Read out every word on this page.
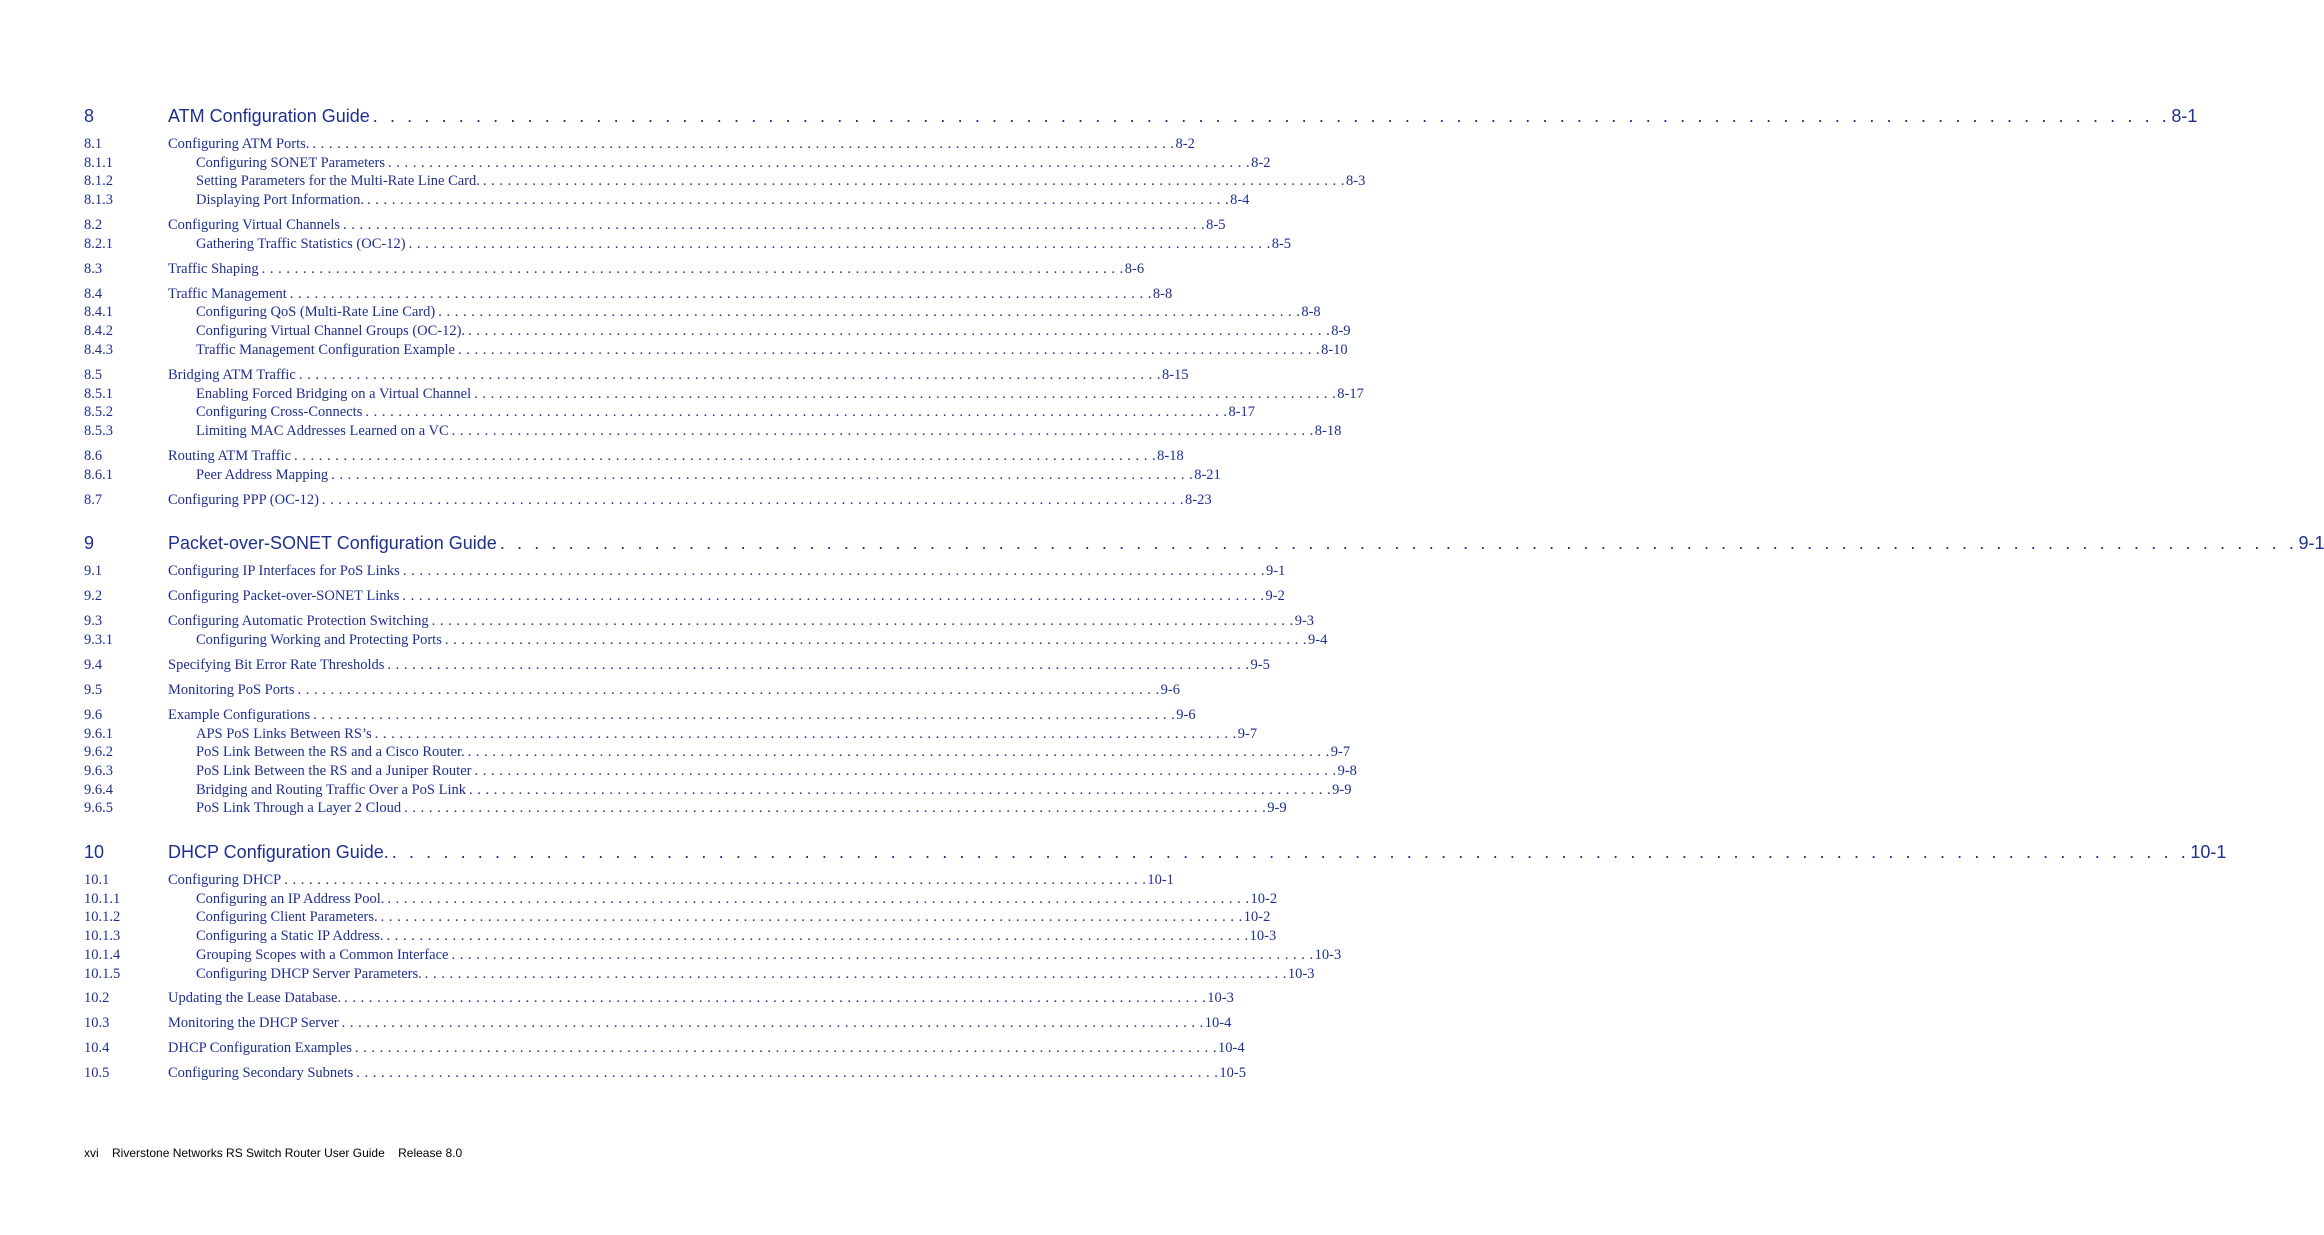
8	ATM Configuration Guide . . . . . . . . . . . . . . . . . . . . . . . . . . . . . . . . . . . . . . . . . . . . . . . . . . . . . . . . . . . . . . . . . . . . . . . . . . . . . . . . . . . . . . . . . . . . . . . . . . . . . . . . . 8-1
8.1	Configuring ATM Ports. . . . . . . . . . . . . . . . . . . . . . . . . . . . . . . . . . . . . . . . . . . . . . . . . . . . . . . . . . . . . . . . . . . . . . . . . . . . . . . . . . . . . . . . . . . . . . . . . . . . . . . . . . 8-2
8.1.1	Configuring SONET Parameters . . . . . . . . . . . . . . . . . . . . . . . . . . . . . . . . . . . . . . . . . . . . . . . . . . . . . . . . . . . . . . . . . . . . . . . . . . . . . . . . . . . . . . . . . . . . . . . . . . . . . . . . . 8-2
8.1.2	Setting Parameters for the Multi-Rate Line Card. . . . . . . . . . . . . . . . . . . . . . . . . . . . . . . . . . . . . . . . . . . . . . . . . . . . . . . . . . . . . . . . . . . . . . . . . . . . . . . . . . . . . . . . . . . . . . . . . . . . . . . . . . 8-3
8.1.3	Displaying Port Information. . . . . . . . . . . . . . . . . . . . . . . . . . . . . . . . . . . . . . . . . . . . . . . . . . . . . . . . . . . . . . . . . . . . . . . . . . . . . . . . . . . . . . . . . . . . . . . . . . . . . . . . . . 8-4
8.2	Configuring Virtual Channels . . . . . . . . . . . . . . . . . . . . . . . . . . . . . . . . . . . . . . . . . . . . . . . . . . . . . . . . . . . . . . . . . . . . . . . . . . . . . . . . . . . . . . . . . . . . . . . . . . . . . . . . . 8-5
8.2.1	Gathering Traffic Statistics (OC-12) . . . . . . . . . . . . . . . . . . . . . . . . . . . . . . . . . . . . . . . . . . . . . . . . . . . . . . . . . . . . . . . . . . . . . . . . . . . . . . . . . . . . . . . . . . . . . . . . . . . . . . . . . 8-5
8.3	Traffic Shaping . . . . . . . . . . . . . . . . . . . . . . . . . . . . . . . . . . . . . . . . . . . . . . . . . . . . . . . . . . . . . . . . . . . . . . . . . . . . . . . . . . . . . . . . . . . . . . . . . . . . . . . . . 8-6
8.4	Traffic Management . . . . . . . . . . . . . . . . . . . . . . . . . . . . . . . . . . . . . . . . . . . . . . . . . . . . . . . . . . . . . . . . . . . . . . . . . . . . . . . . . . . . . . . . . . . . . . . . . . . . . . . . . 8-8
8.4.1	Configuring QoS (Multi-Rate Line Card) . . . . . . . . . . . . . . . . . . . . . . . . . . . . . . . . . . . . . . . . . . . . . . . . . . . . . . . . . . . . . . . . . . . . . . . . . . . . . . . . . . . . . . . . . . . . . . . . . . . . . . . . . 8-8
8.4.2	Configuring Virtual Channel Groups (OC-12). . . . . . . . . . . . . . . . . . . . . . . . . . . . . . . . . . . . . . . . . . . . . . . . . . . . . . . . . . . . . . . . . . . . . . . . . . . . . . . . . . . . . . . . . . . . . . . . . . . . . . . . . . 8-9
8.4.3	Traffic Management Configuration Example . . . . . . . . . . . . . . . . . . . . . . . . . . . . . . . . . . . . . . . . . . . . . . . . . . . . . . . . . . . . . . . . . . . . . . . . . . . . . . . . . . . . . . . . . . . . . . . . . . . . . . . . . 8-10
8.5	Bridging ATM Traffic . . . . . . . . . . . . . . . . . . . . . . . . . . . . . . . . . . . . . . . . . . . . . . . . . . . . . . . . . . . . . . . . . . . . . . . . . . . . . . . . . . . . . . . . . . . . . . . . . . . . . . . . . 8-15
8.5.1	Enabling Forced Bridging on a Virtual Channel . . . . . . . . . . . . . . . . . . . . . . . . . . . . . . . . . . . . . . . . . . . . . . . . . . . . . . . . . . . . . . . . . . . . . . . . . . . . . . . . . . . . . . . . . . . . . . . . . . . . . . . . . 8-17
8.5.2	Configuring Cross-Connects . . . . . . . . . . . . . . . . . . . . . . . . . . . . . . . . . . . . . . . . . . . . . . . . . . . . . . . . . . . . . . . . . . . . . . . . . . . . . . . . . . . . . . . . . . . . . . . . . . . . . . . . . 8-17
8.5.3	Limiting MAC Addresses Learned on a VC . . . . . . . . . . . . . . . . . . . . . . . . . . . . . . . . . . . . . . . . . . . . . . . . . . . . . . . . . . . . . . . . . . . . . . . . . . . . . . . . . . . . . . . . . . . . . . . . . . . . . . . . . 8-18
8.6	Routing ATM Traffic . . . . . . . . . . . . . . . . . . . . . . . . . . . . . . . . . . . . . . . . . . . . . . . . . . . . . . . . . . . . . . . . . . . . . . . . . . . . . . . . . . . . . . . . . . . . . . . . . . . . . . . . . 8-18
8.6.1	Peer Address Mapping . . . . . . . . . . . . . . . . . . . . . . . . . . . . . . . . . . . . . . . . . . . . . . . . . . . . . . . . . . . . . . . . . . . . . . . . . . . . . . . . . . . . . . . . . . . . . . . . . . . . . . . . . 8-21
8.7	Configuring PPP (OC-12) . . . . . . . . . . . . . . . . . . . . . . . . . . . . . . . . . . . . . . . . . . . . . . . . . . . . . . . . . . . . . . . . . . . . . . . . . . . . . . . . . . . . . . . . . . . . . . . . . . . . . . . . . 8-23
9	Packet-over-SONET Configuration Guide . . . . . . . . . . . . . . . . . . . . . . . . . . . . . . . . . . . . . . . . . . . . . . . . . . . . . . . . . . . . . . . . . . . . . . . . . . . . . . . . . . . . . . . . . . . . . . . . . . . . . . . . . 9-1
9.1	Configuring IP Interfaces for PoS Links . . . . . . . . . . . . . . . . . . . . . . . . . . . . . . . . . . . . . . . . . . . . . . . . . . . . . . . . . . . . . . . . . . . . . . . . . . . . . . . . . . . . . . . . . . . . . . . . . . . . . . . . . 9-1
9.2	Configuring Packet-over-SONET Links . . . . . . . . . . . . . . . . . . . . . . . . . . . . . . . . . . . . . . . . . . . . . . . . . . . . . . . . . . . . . . . . . . . . . . . . . . . . . . . . . . . . . . . . . . . . . . . . . . . . . . . . . 9-2
9.3	Configuring Automatic Protection Switching . . . . . . . . . . . . . . . . . . . . . . . . . . . . . . . . . . . . . . . . . . . . . . . . . . . . . . . . . . . . . . . . . . . . . . . . . . . . . . . . . . . . . . . . . . . . . . . . . . . . . . . . . 9-3
9.3.1	Configuring Working and Protecting Ports . . . . . . . . . . . . . . . . . . . . . . . . . . . . . . . . . . . . . . . . . . . . . . . . . . . . . . . . . . . . . . . . . . . . . . . . . . . . . . . . . . . . . . . . . . . . . . . . . . . . . . . . . 9-4
9.4	Specifying Bit Error Rate Thresholds . . . . . . . . . . . . . . . . . . . . . . . . . . . . . . . . . . . . . . . . . . . . . . . . . . . . . . . . . . . . . . . . . . . . . . . . . . . . . . . . . . . . . . . . . . . . . . . . . . . . . . . . . 9-5
9.5	Monitoring PoS Ports . . . . . . . . . . . . . . . . . . . . . . . . . . . . . . . . . . . . . . . . . . . . . . . . . . . . . . . . . . . . . . . . . . . . . . . . . . . . . . . . . . . . . . . . . . . . . . . . . . . . . . . . . 9-6
9.6	Example Configurations . . . . . . . . . . . . . . . . . . . . . . . . . . . . . . . . . . . . . . . . . . . . . . . . . . . . . . . . . . . . . . . . . . . . . . . . . . . . . . . . . . . . . . . . . . . . . . . . . . . . . . . . . 9-6
9.6.1	APS PoS Links Between RS’s . . . . . . . . . . . . . . . . . . . . . . . . . . . . . . . . . . . . . . . . . . . . . . . . . . . . . . . . . . . . . . . . . . . . . . . . . . . . . . . . . . . . . . . . . . . . . . . . . . . . . . . . . 9-7
9.6.2	PoS Link Between the RS and a Cisco Router. . . . . . . . . . . . . . . . . . . . . . . . . . . . . . . . . . . . . . . . . . . . . . . . . . . . . . . . . . . . . . . . . . . . . . . . . . . . . . . . . . . . . . . . . . . . . . . . . . . . . . . . . . 9-7
9.6.3	PoS Link Between the RS and a Juniper Router . . . . . . . . . . . . . . . . . . . . . . . . . . . . . . . . . . . . . . . . . . . . . . . . . . . . . . . . . . . . . . . . . . . . . . . . . . . . . . . . . . . . . . . . . . . . . . . . . . . . . . . . . 9-8
9.6.4	Bridging and Routing Traffic Over a PoS Link . . . . . . . . . . . . . . . . . . . . . . . . . . . . . . . . . . . . . . . . . . . . . . . . . . . . . . . . . . . . . . . . . . . . . . . . . . . . . . . . . . . . . . . . . . . . . . . . . . . . . . . . . 9-9
9.6.5	PoS Link Through a Layer 2 Cloud . . . . . . . . . . . . . . . . . . . . . . . . . . . . . . . . . . . . . . . . . . . . . . . . . . . . . . . . . . . . . . . . . . . . . . . . . . . . . . . . . . . . . . . . . . . . . . . . . . . . . . . . . 9-9
10	DHCP Configuration Guide. . . . . . . . . . . . . . . . . . . . . . . . . . . . . . . . . . . . . . . . . . . . . . . . . . . . . . . . . . . . . . . . . . . . . . . . . . . . . . . . . . . . . . . . . . . . . . . . . . . . . . . . . . 10-1
10.1	Configuring DHCP . . . . . . . . . . . . . . . . . . . . . . . . . . . . . . . . . . . . . . . . . . . . . . . . . . . . . . . . . . . . . . . . . . . . . . . . . . . . . . . . . . . . . . . . . . . . . . . . . . . . . . . . . 10-1
10.1.1	Configuring an IP Address Pool. . . . . . . . . . . . . . . . . . . . . . . . . . . . . . . . . . . . . . . . . . . . . . . . . . . . . . . . . . . . . . . . . . . . . . . . . . . . . . . . . . . . . . . . . . . . . . . . . . . . . . . . . . 10-2
10.1.2	Configuring Client Parameters. . . . . . . . . . . . . . . . . . . . . . . . . . . . . . . . . . . . . . . . . . . . . . . . . . . . . . . . . . . . . . . . . . . . . . . . . . . . . . . . . . . . . . . . . . . . . . . . . . . . . . . . . . 10-2
10.1.3	Configuring a Static IP Address. . . . . . . . . . . . . . . . . . . . . . . . . . . . . . . . . . . . . . . . . . . . . . . . . . . . . . . . . . . . . . . . . . . . . . . . . . . . . . . . . . . . . . . . . . . . . . . . . . . . . . . . . . 10-3
10.1.4	Grouping Scopes with a Common Interface . . . . . . . . . . . . . . . . . . . . . . . . . . . . . . . . . . . . . . . . . . . . . . . . . . . . . . . . . . . . . . . . . . . . . . . . . . . . . . . . . . . . . . . . . . . . . . . . . . . . . . . . . 10-3
10.1.5	Configuring DHCP Server Parameters. . . . . . . . . . . . . . . . . . . . . . . . . . . . . . . . . . . . . . . . . . . . . . . . . . . . . . . . . . . . . . . . . . . . . . . . . . . . . . . . . . . . . . . . . . . . . . . . . . . . . . . . . . 10-3
10.2	Updating the Lease Database. . . . . . . . . . . . . . . . . . . . . . . . . . . . . . . . . . . . . . . . . . . . . . . . . . . . . . . . . . . . . . . . . . . . . . . . . . . . . . . . . . . . . . . . . . . . . . . . . . . . . . . . . . 10-3
10.3	Monitoring the DHCP Server . . . . . . . . . . . . . . . . . . . . . . . . . . . . . . . . . . . . . . . . . . . . . . . . . . . . . . . . . . . . . . . . . . . . . . . . . . . . . . . . . . . . . . . . . . . . . . . . . . . . . . . . . 10-4
10.4	DHCP Configuration Examples . . . . . . . . . . . . . . . . . . . . . . . . . . . . . . . . . . . . . . . . . . . . . . . . . . . . . . . . . . . . . . . . . . . . . . . . . . . . . . . . . . . . . . . . . . . . . . . . . . . . . . . . . 10-4
10.5	Configuring Secondary Subnets . . . . . . . . . . . . . . . . . . . . . . . . . . . . . . . . . . . . . . . . . . . . . . . . . . . . . . . . . . . . . . . . . . . . . . . . . . . . . . . . . . . . . . . . . . . . . . . . . . . . . . . . . 10-5
xvi Riverstone Networks RS Switch Router User Guide Release 8.0
